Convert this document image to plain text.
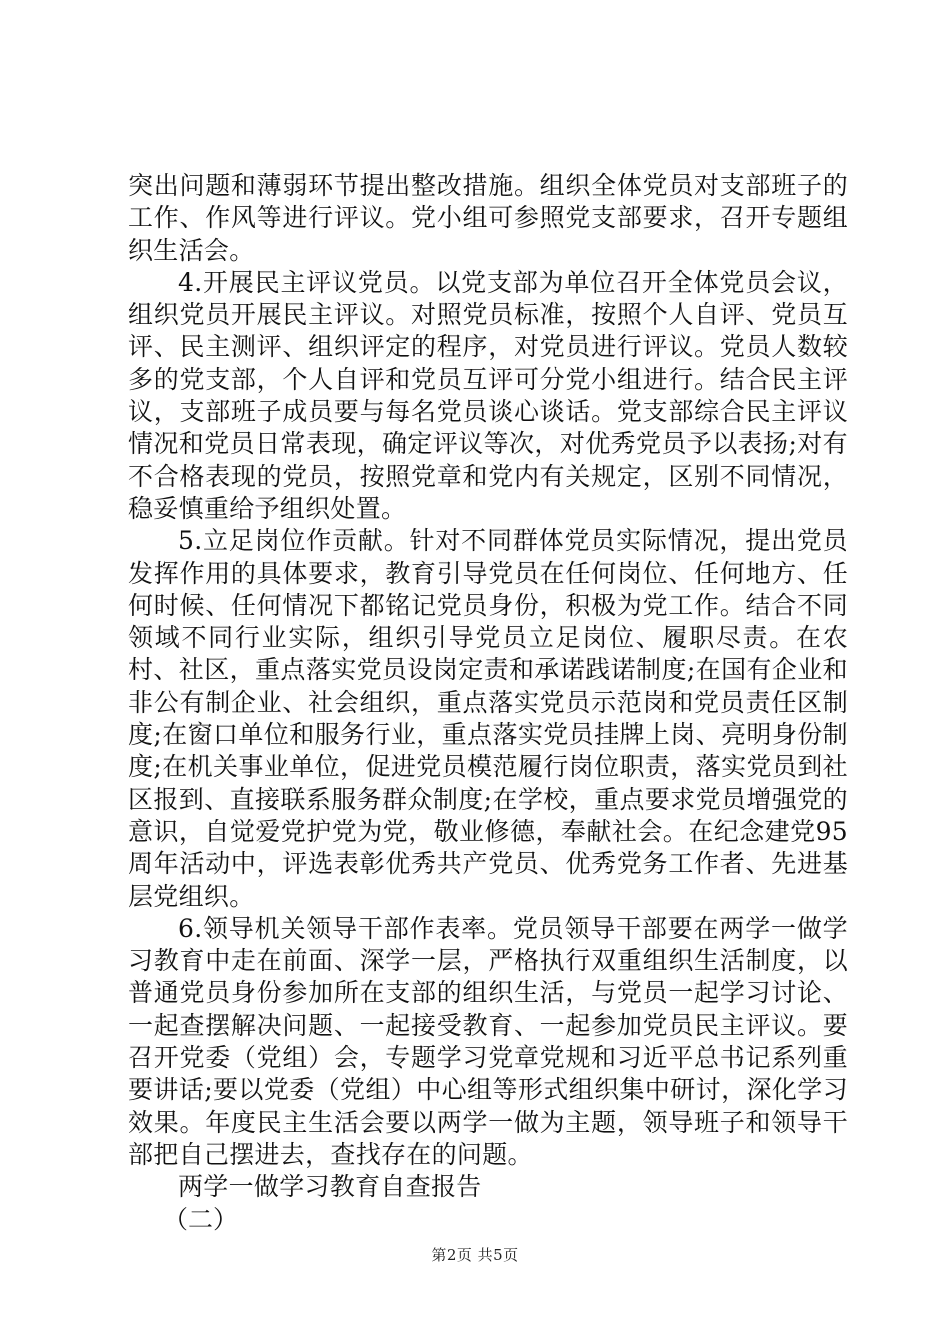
突出问题和薄弱环节提出整改措施。组织全体党员对支部班子的工作、作风等进行评议。党小组可参照党支部要求，召开专题组织生活会。

4.开展民主评议党员。以党支部为单位召开全体党员会议，组织党员开展民主评议。对照党员标准，按照个人自评、党员互评、民主测评、组织评定的程序，对党员进行评议。党员人数较多的党支部，个人自评和党员互评可分党小组进行。结合民主评议，支部班子成员要与每名党员谈心谈话。党支部综合民主评议情况和党员日常表现，确定评议等次，对优秀党员予以表扬;对有不合格表现的党员，按照党章和党内有关规定，区别不同情况，稳妥慎重给予组织处置。

5.立足岗位作贡献。针对不同群体党员实际情况，提出党员发挥作用的具体要求，教育引导党员在任何岗位、任何地方、任何时候、任何情况下都铭记党员身份，积极为党工作。结合不同领域不同行业实际，组织引导党员立足岗位、履职尽责。在农村、社区，重点落实党员设岗定责和承诺践诺制度;在国有企业和非公有制企业、社会组织，重点落实党员示范岗和党员责任区制度;在窗口单位和服务行业，重点落实党员挂牌上岗、亮明身份制度;在机关事业单位，促进党员模范履行岗位职责，落实党员到社区报到、直接联系服务群众制度;在学校，重点要求党员增强党的意识，自觉爱党护党为党，敬业修德，奉献社会。在纪念建党95周年活动中，评选表彰优秀共产党员、优秀党务工作者、先进基层党组织。

6.领导机关领导干部作表率。党员领导干部要在两学一做学习教育中走在前面、深学一层，严格执行双重组织生活制度，以普通党员身份参加所在支部的组织生活，与党员一起学习讨论、一起查摆解决问题、一起接受教育、一起参加党员民主评议。要召开党委（党组）会，专题学习党章党规和习近平总书记系列重要讲话;要以党委（党组）中心组等形式组织集中研讨，深化学习效果。年度民主生活会要以两学一做为主题，领导班子和领导干部把自己摆进去，查找存在的问题。

两学一做学习教育自查报告

（二）

第2页 共5页
